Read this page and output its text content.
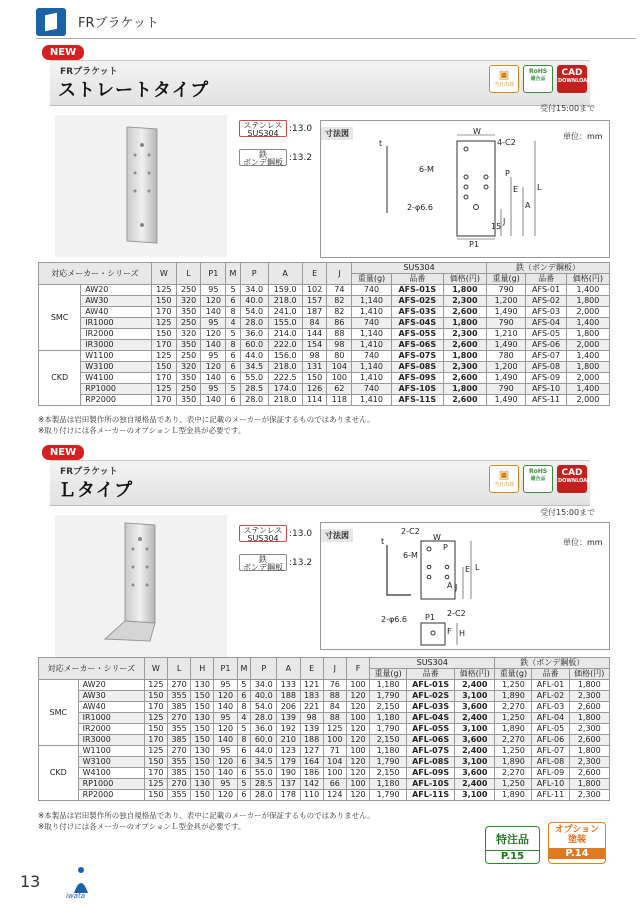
FRブラケット
NEW
FRブラケット
ストレートタイプ
▣
当日出荷
RoHS
適合品
CAD
DOWNLOAD
受付15:00まで
ステンレス
SUS304	:13.0
鉄
ボンデ鋼板 :13.2
寸法図	単位：mm
t
W
4-C2
P
6-M
E
A
L
J
2-φ6.6
15
P1
対応メーカー・シリーズ		W	L	P1	M	P	A	E	J	SUS304			鉄（ボンデ鋼板）		
										重量(g)	品番	価格(円)	重量(g)	品番	価格(円)
SMC	AW20	125	250	95	5	34.0	159.0	102	74	740	AFS-01S	1,800	790	AFS-01	1,400
	AW30	150	320	120	6	40.0	218.0	157	82	1,140	AFS-02S	2,300	1,200	AFS-02	1,800
	AW40	170	350	140	8	54.0	241.0	187	82	1,410	AFS-03S	2,600	1,490	AFS-03	2,000
	IR1000	125	250	95	4	28.0	155.0	84	86	740	AFS-04S	1,800	790	AFS-04	1,400
	IR2000	150	320	120	5	36.0	214.0	144	88	1,140	AFS-05S	2,300	1,210	AFS-05	1,800
	IR3000	170	350	140	8	60.0	222.0	154	98	1,410	AFS-06S	2,600	1,490	AFS-06	2,000
CKD	W1100	125	250	95	6	44.0	156.0	98	80	740	AFS-07S	1,800	780	AFS-07	1,400
	W3100	150	320	120	6	34.5	218.0	131	104	1,140	AFS-08S	2,300	1,200	AFS-08	1,800
	W4100	170	350	140	6	55.0	222.5	150	100	1,410	AFS-09S	2,600	1,490	AFS-09	2,000
	RP1000	125	250	95	5	28.5	174.0	126	62	740	AFS-10S	1,800	790	AFS-10	1,400
	RP2000	170	350	140	6	28.0	218.0	114	118	1,410	AFS-11S	2,600	1,490	AFS-11	2,000
※本製品は岩田製作所の独自規格品であり、表中に記載のメーカーが保証するものではありません。
※取り付けには各メーカーのオプションＬ型金具が必要です。
NEW
FRブラケット
Ｌタイプ
▣
当日出荷
RoHS
適合品
CAD
DOWNLOAD
受付15:00まで
ステンレス
SUS304	:13.0
鉄
ボンデ鋼板 :13.2
寸法図
単位：mm
t	W
2-C2
P
6-M
E
A
L
J
2-φ6.6 P1 2-C2
F H
対応メーカー・シリーズ		W	L	H	P1	M	P	A	E	J	F	SUS304			鉄（ボンデ鋼板）		
												重量(g)	品番	価格(円)	重量(g)	品番	価格(円)
SMC	AW20	125	270	130	95	5	34.0	133	121	76	100	1,180	AFL-01S	2,400	1,250	AFL-01	1,800
	AW30	150	355	150	120	6	40.0	188	183	88	120	1,790	AFL-02S	3,100	1,890	AFL-02	2,300
	AW40	170	385	150	140	8	54.0	206	221	84	120	2,150	AFL-03S	3,600	2,270	AFL-03	2,600
	IR1000	125	270	130	95	4	28.0	139	98	88	100	1,180	AFL-04S	2,400	1,250	AFL-04	1,800
	IR2000	150	355	150	120	5	36.0	192	139	125	120	1,790	AFL-05S	3,100	1,890	AFL-05	2,300
	IR3000	170	385	150	140	8	60.0	210	188	100	120	2,150	AFL-06S	3,600	2,270	AFL-06	2,600
CKD	W1100	125	270	130	95	6	44.0	123	127	71	100	1,180	AFL-07S	2,400	1,250	AFL-07	1,800
	W3100	150	355	150	120	6	34.5	179	164	104	120	1,790	AFL-08S	3,100	1,890	AFL-08	2,300
	W4100	170	385	150	140	6	55.0	190	186	100	120	2,150	AFL-09S	3,600	2,270	AFL-09	2,600
	RP1000	125	270	130	95	5	28.5	137	142	66	100	1,180	AFL-10S	2,400	1,250	AFL-10	1,800
	RP2000	150	355	150	120	6	28.0	178	110	124	120	1,790	AFL-11S	3,100	1,890	AFL-11	2,300
※本製品は岩田製作所の独自規格品であり、表中に記載のメーカーが保証するものではありません。
※取り付けには各メーカーのオプションＬ型金具が必要です。
特注品
P.15
オプション
塗装
P.14
13
iwata
